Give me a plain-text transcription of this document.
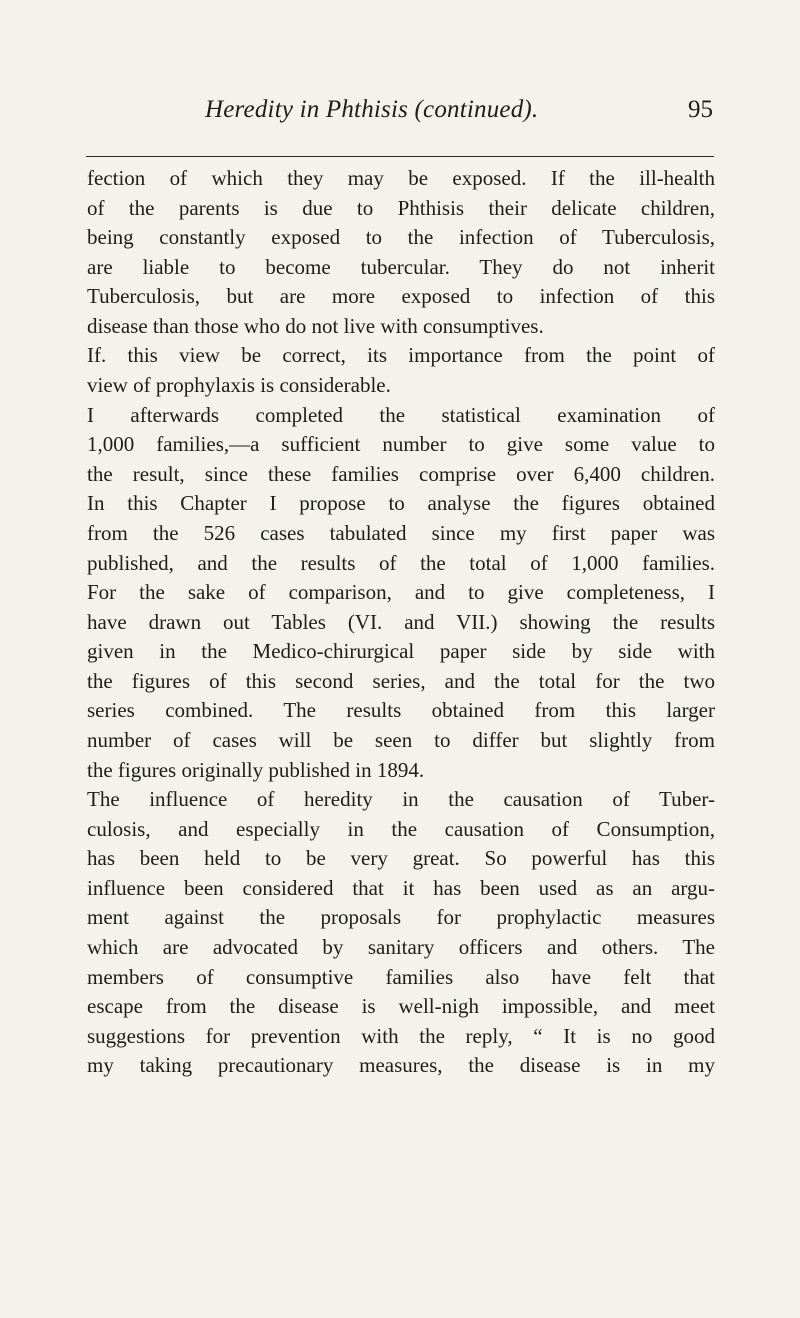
Heredity in Phthisis (continued).	95
fection of which they may be exposed. If the ill-health
of the parents is due to Phthisis their delicate children,
being constantly exposed to the infection of Tuberculosis,
are liable to become tubercular. They do not inherit
Tuberculosis, but are more exposed to infection of this
disease than those who do not live with consumptives.
If. this view be correct, its importance from the point of
view of prophylaxis is considerable.
I afterwards completed the statistical examination of
1,000 families,—a sufficient number to give some value to
the result, since these families comprise over 6,400 children.
In this Chapter I propose to analyse the figures obtained
from the 526 cases tabulated since my first paper was
published, and the results of the total of 1,000 families.
For the sake of comparison, and to give completeness, I
have drawn out Tables (VI. and VII.) showing the results
given in the Medico-chirurgical paper side by side with
the figures of this second series, and the total for the two
series combined. The results obtained from this larger
number of cases will be seen to differ but slightly from
the figures originally published in 1894.
The influence of heredity in the causation of Tuber-
culosis, and especially in the causation of Consumption,
has been held to be very great. So powerful has this
influence been considered that it has been used as an argu-
ment against the proposals for prophylactic measures
which are advocated by sanitary officers and others. The
members of consumptive families also have felt that
escape from the disease is well-nigh impossible, and meet
suggestions for prevention with the reply, “ It is no good
my taking precautionary measures, the disease is in my
